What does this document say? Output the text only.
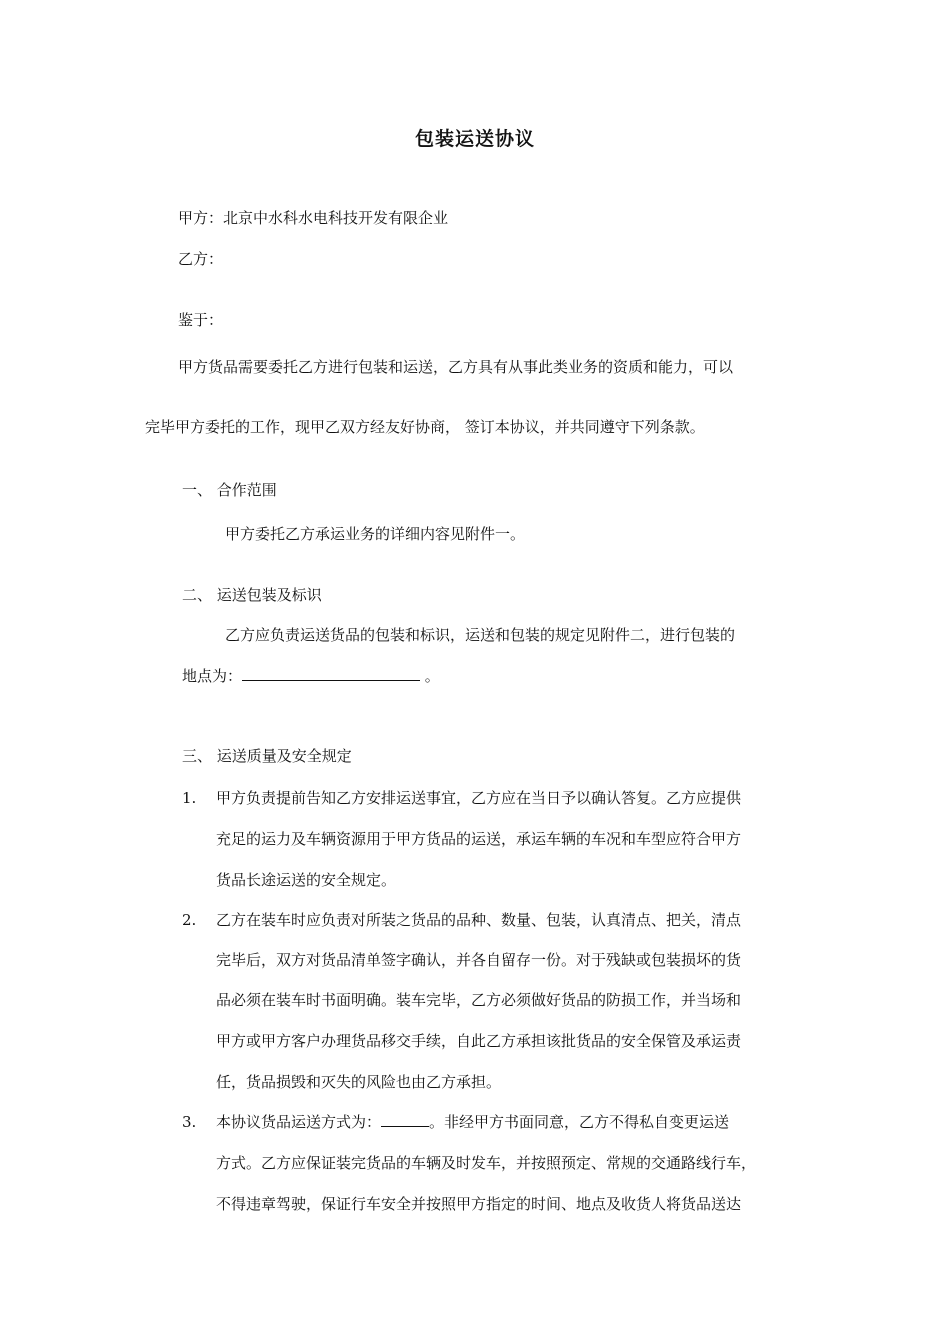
包装运送协议
甲方：北京中水科水电科技开发有限企业
乙方：
鉴于：
甲方货品需要委托乙方进行包装和运送，乙方具有从事此类业务的资质和能力，可以
完毕甲方委托的工作，现甲乙双方经友好协商， 签订本协议，并共同遵守下列条款。
一、 合作范围
甲方委托乙方承运业务的详细内容见附件一。
二、 运送包装及标识
乙方应负责运送货品的包装和标识，运送和包装的规定见附件二，进行包装的
地点为：	。
三、 运送质量及安全规定
1.	甲方负责提前告知乙方安排运送事宜，乙方应在当日予以确认答复。乙方应提供
充足的运力及车辆资源用于甲方货品的运送，承运车辆的车况和车型应符合甲方
货品长途运送的安全规定。
2.	乙方在装车时应负责对所装之货品的品种、数量、包装，认真清点、把关，清点
完毕后，双方对货品清单签字确认，并各自留存一份。对于残缺或包装损坏的货
品必须在装车时书面明确。装车完毕，乙方必须做好货品的防损工作，并当场和
甲方或甲方客户办理货品移交手续，自此乙方承担该批货品的安全保管及承运责
任，货品损毁和灭失的风险也由乙方承担。
3.	本协议货品运送方式为：	。非经甲方书面同意，乙方不得私自变更运送
方式。乙方应保证装完货品的车辆及时发车，并按照预定、常规的交通路线行车，
不得违章驾驶，保证行车安全并按照甲方指定的时间、地点及收货人将货品送达
